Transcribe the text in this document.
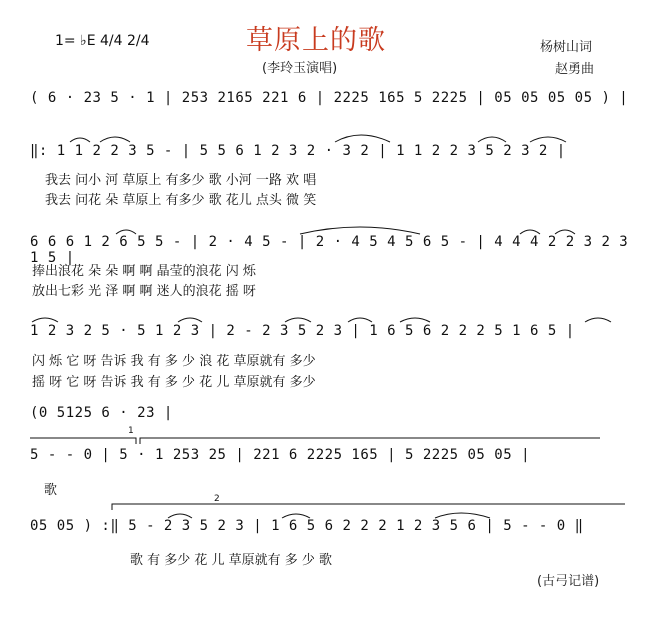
草原上的歌
(李玲玉演唱)
1= ♭E 4/4 2/4	杨树山词
赵勇曲
( 6 · 23 5 · 1 | 253 2165 221 6 | 2225 165 5 2225 | 05 05 05 05 ) |
‖: 1 1 2 2 3 5 - | 5 5 6 1 2 3 2 · 3 2 | 1 1 2 2 3 5 2 3 2 |
我去 问小 河 草原上 有多少 歌 小河 一路 欢 唱
我去 问花 朵 草原上 有多少 歌 花儿 点头 微 笑
6 6 6 1 2 6 5 5 - | 2 · 4 5 - | 2 · 4 5 4 5 6 5 - | 4 4 4 2 2 3 2 3 1 5 |
捧出浪花 朵 朵 啊 啊 晶莹的浪花 闪 烁
放出七彩 光 泽 啊 啊 迷人的浪花 摇 呀
1 2 3 2 5 · 5 1 2 3 | 2 - 2 3 5 2 3 | 1 6 5 6 2 2 2 5 1 6 5 |
闪 烁 它 呀 告诉 我 有 多 少 浪 花 草原就有 多少
摇 呀 它 呀 告诉 我 有 多 少 花 儿 草原就有 多少
(0 5125 6 · 23 |
5 - - 0 | 5 · 1 253 25 | 221 6 2225 165 | 5 2225 05 05 |
歌
1
05 05 ) :‖ 5 - 2 3 5 2 3 | 1 6 5 6 2 2 2 1 2 3 5 6 | 5 - - 0 ‖
歌 有 多少 花 儿 草原就有 多 少 歌
2
(古弓记谱)
